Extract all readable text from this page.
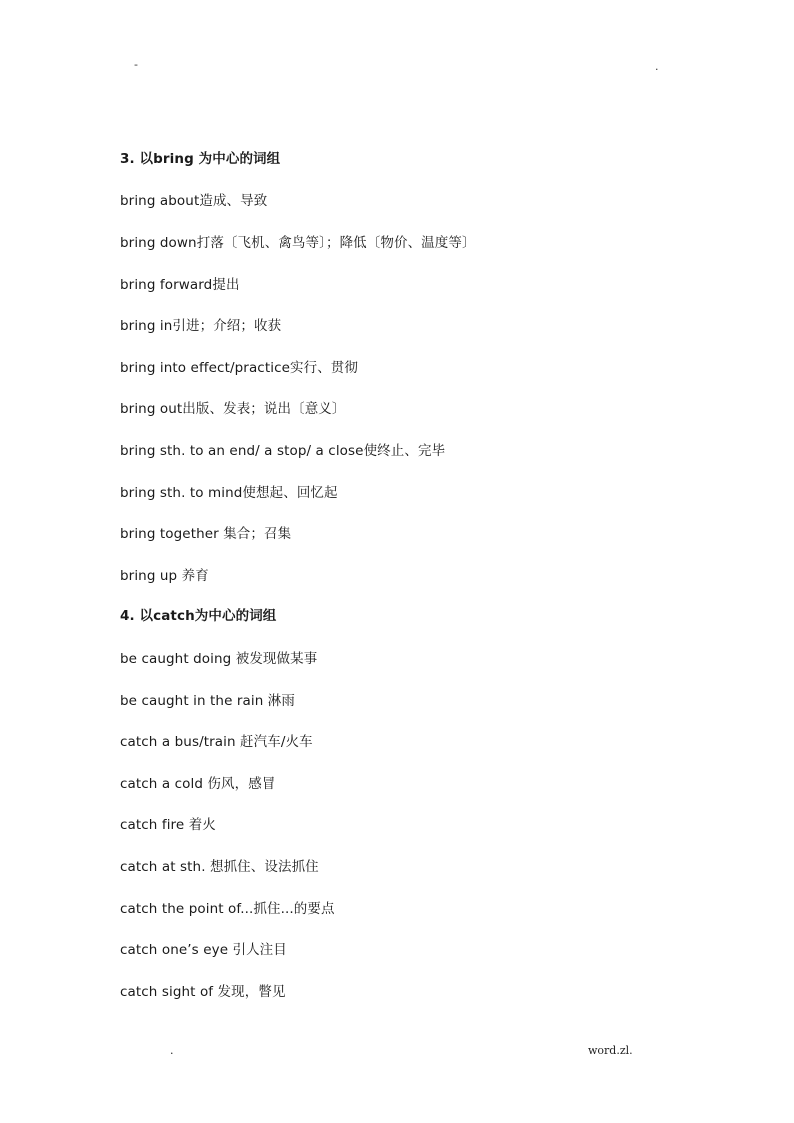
-	.
3. 以bring 为中心的词组
bring about造成、导致
bring down打落〔飞机、禽鸟等〕；降低〔物价、温度等〕
bring forward提出
bring in引进；介绍；收获
bring into effect/practice实行、贯彻
bring out出版、发表；说出〔意义〕
bring sth. to an end/ a stop/ a close使终止、完毕
bring sth. to mind使想起、回忆起
bring together 集合；召集
bring up 养育
4. 以catch为中心的词组
be caught doing 被发现做某事
be caught in the rain 淋雨
catch a bus/train 赶汽车/火车
catch a cold 伤风，感冒
catch fire 着火
catch at sth. 想抓住、设法抓住
catch the point of...抓住...的要点
catch one’s eye 引人注目
catch sight of 发现，瞥见
.	word.zl.
